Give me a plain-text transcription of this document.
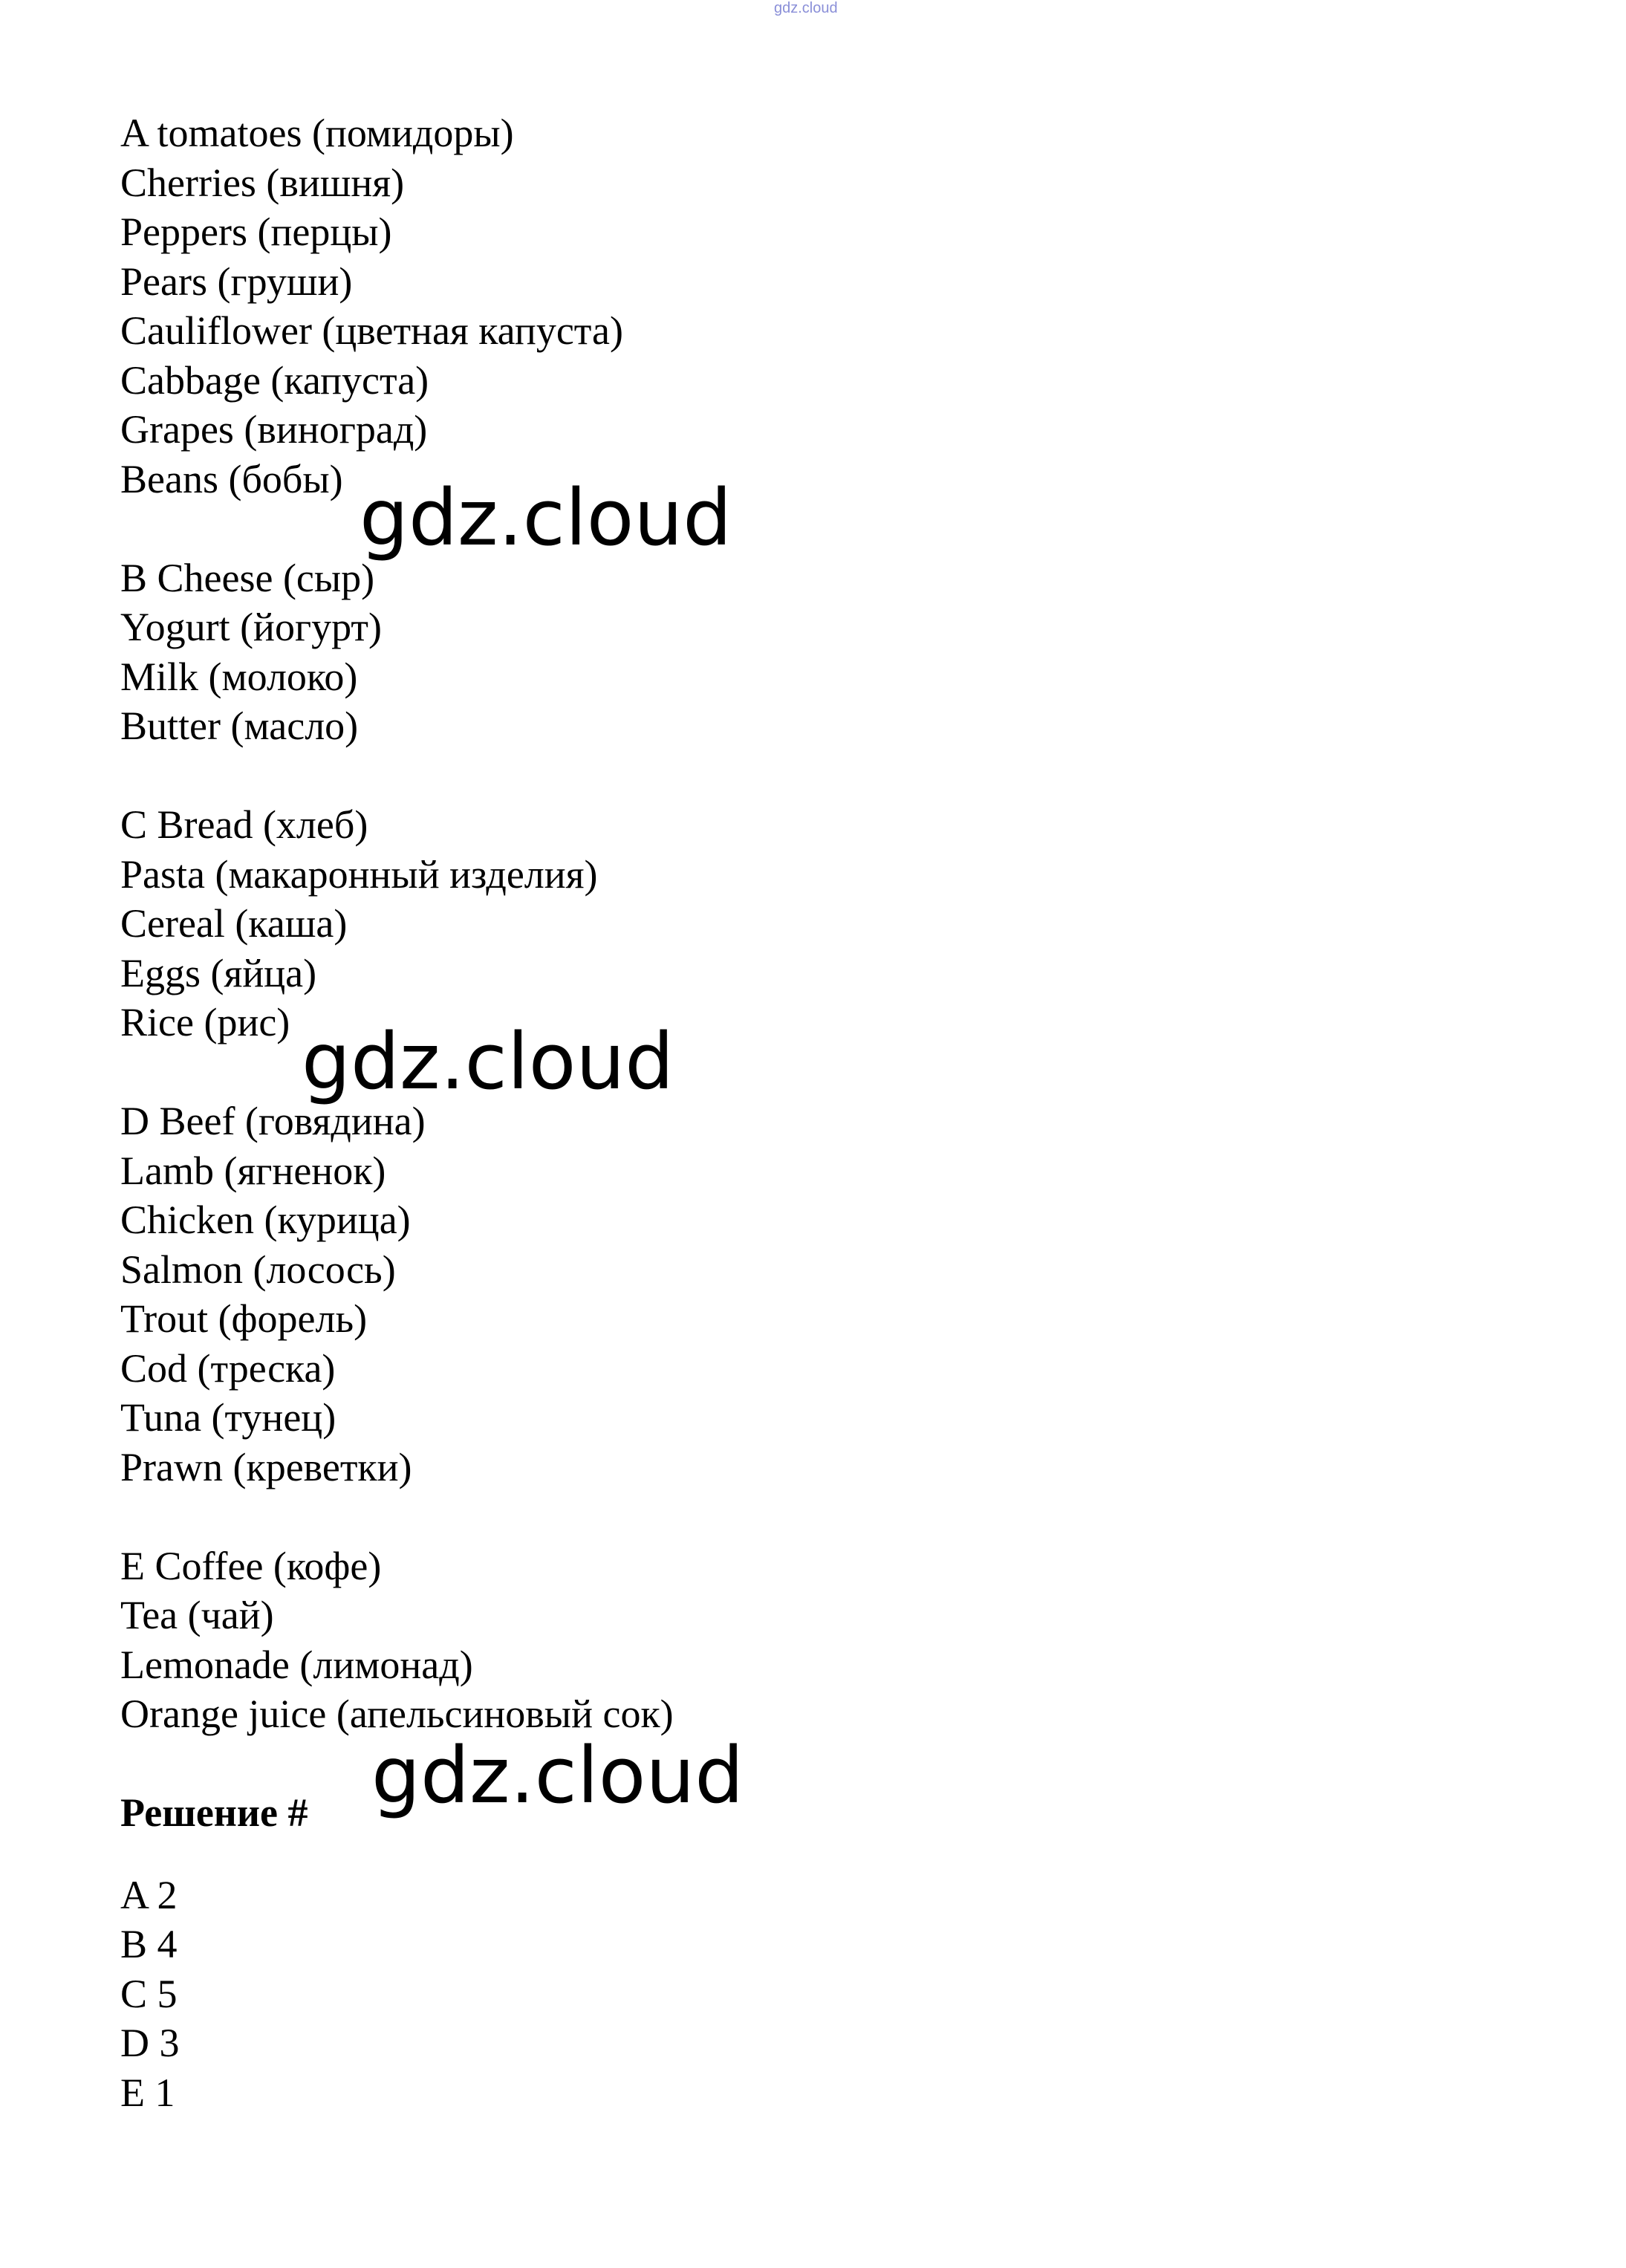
gdz.cloud
A tomatoes (помидоры)
Cherries (вишня)
Peppers (перцы)
Pears (груши)
Cauliflower (цветная капуста)
Cabbage (капуста)
Grapes (виноград)
Beans (бобы)
B Cheese (сыр)
Yogurt (йогурт)
Milk (молоко)
Butter (масло)
C Bread (хлеб)
Pasta (макаронный изделия)
Cereal (каша)
Eggs (яйца)
Rice (рис)
D Beef (говядина)
Lamb (ягненок)
Chicken (курица)
Salmon (лосось)
Trout (форель)
Cod (треска)
Tuna (тунец)
Prawn (креветки)
E Coffee (кофе)
Tea (чай)
Lemonade (лимонад)
Orange juice (апельсиновый сок)
Решение #
A 2
B 4
C 5
D 3
E 1
gdz.cloud
gdz.cloud
gdz.cloud
